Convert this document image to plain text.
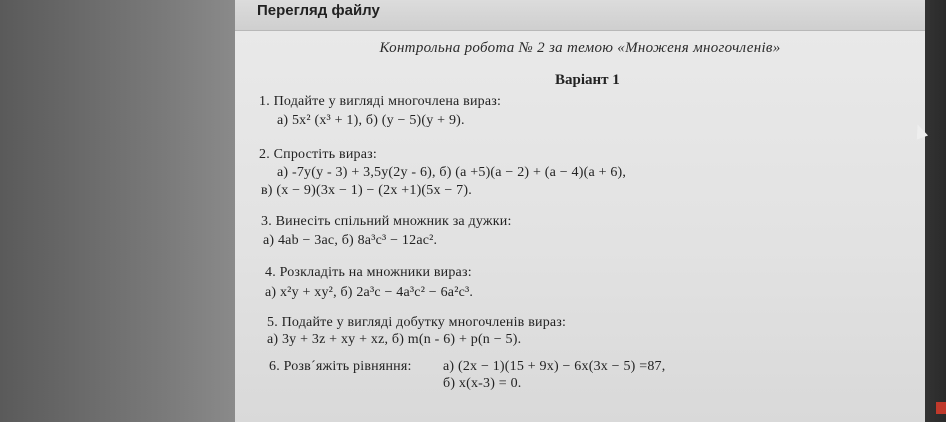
Перегляд файлу
Контрольна робота № 2 за темою «Множеня многочленів»
Варіант 1
1. Подайте у вигляді многочлена вираз:
а) 5x² (x³ + 1), б) (y − 5)(y + 9).
2. Спростіть вираз:
а) -7y(y - 3) + 3,5y(2y - 6), б) (a +5)(a − 2) + (a − 4)(a + 6),
в) (x − 9)(3x − 1) − (2x +1)(5x − 7).
3. Винесіть спільний множник за дужки:
а) 4ab − 3ac, б) 8a³c³ − 12ac².
4. Розкладіть на множники вираз:
а) x²y + xy², б) 2a³c − 4a³c² − 6a²c³.
5. Подайте у вигляді добутку многочленів вираз:
а) 3y + 3z + xy + xz, б) m(n - 6) + p(n − 5).
6. Розв´яжіть рівняння: а) (2x − 1)(15 + 9x) − 6x(3x − 5) =87,
б) x(x-3) = 0.
